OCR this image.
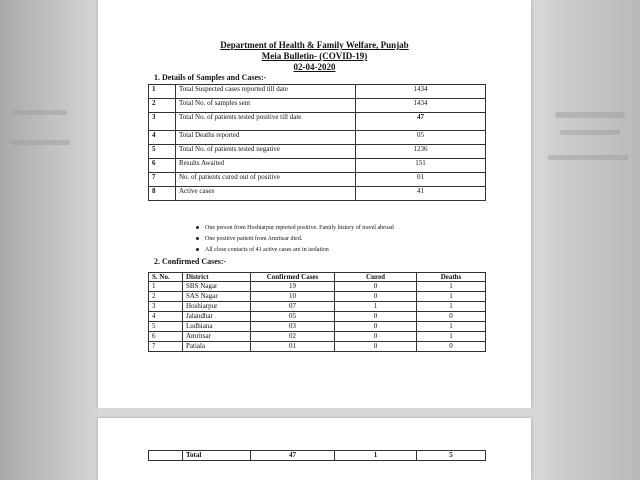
Department of Health & Family Welfare, Punjab
Meia Bulletin- (COVID-19)
02-04-2020
1. Details of Samples and Cases:-
1	Total Suspected cases reported till date	1434
2	Total No. of samples sent	1434
3	Total No. of patients tested positive till date	47
4	Total Deaths reported	05
5	Total No. of patients tested negative	1236
6	Results Awaited	151
7	No. of patients cured out of positive	01
8	Active cases	41
One person from Hoshiarpur reported positive. Family history of travel abroad
One positive patient from Amritsar died.
All close contacts of 41 active cases are in isolation
2. Confirmed Cases:-
S. No.	District	Confirmed Cases	Cured	Deaths
1	SBS Nagar	19	0	1
2	SAS Nagar	10	0	1
3	Hoshiarpur	07	1	1
4	Jalandhar	05	0	0
5	Ludhiana	03	0	1
6	Amritsar	02	0	1
7	Patiala	01	0	0
	Total	47	1	5
